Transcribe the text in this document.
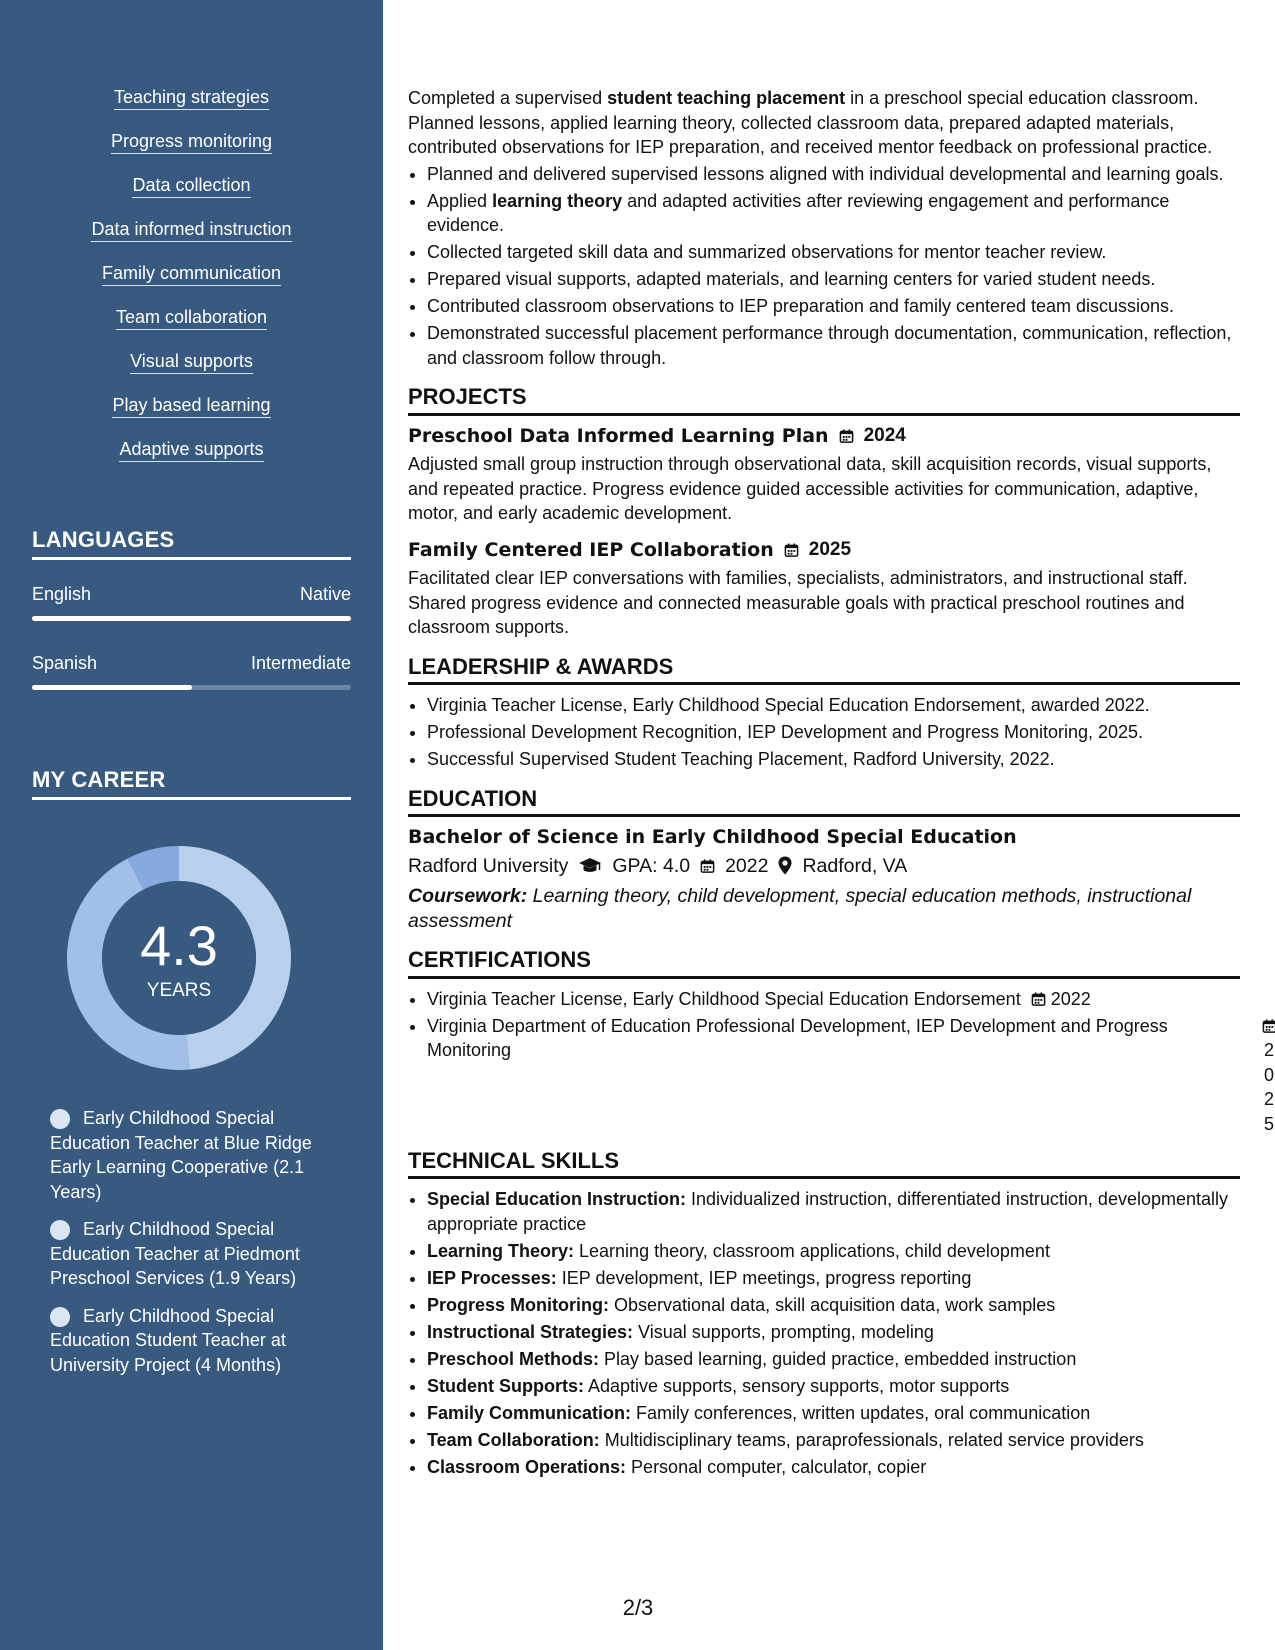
Teaching strategies
Progress monitoring
Data collection
Data informed instruction
Family communication
Team collaboration
Visual supports
Play based learning
Adaptive supports
LANGUAGES
English	Native
Spanish	Intermediate
MY CAREER
4.3
YEARS
Early Childhood Special Education Teacher at Blue Ridge Early Learning Cooperative (2.1 Years)
Early Childhood Special Education Teacher at Piedmont Preschool Services (1.9 Years)
Early Childhood Special Education Student Teacher at University Project (4 Months)

Completed a supervised student teaching placement in a preschool special education classroom. Planned lessons, applied learning theory, collected classroom data, prepared adapted materials, contributed observations for IEP preparation, and received mentor feedback on professional practice.

• Planned and delivered supervised lessons aligned with individual developmental and learning goals.
• Applied learning theory and adapted activities after reviewing engagement and performance evidence.
• Collected targeted skill data and summarized observations for mentor teacher review.
• Prepared visual supports, adapted materials, and learning centers for varied student needs.
• Contributed classroom observations to IEP preparation and family centered team discussions.
• Demonstrated successful placement performance through documentation, communication, reflection, and classroom follow through.
PROJECTS
Preschool Data Informed Learning Plan 2024

Adjusted small group instruction through observational data, skill acquisition records, visual supports, and repeated practice. Progress evidence guided accessible activities for communication, adaptive, motor, and early academic development.

Family Centered IEP Collaboration 2025

Facilitated clear IEP conversations with families, specialists, administrators, and instructional staff. Shared progress evidence and connected measurable goals with practical preschool routines and classroom supports.

LEADERSHIP & AWARDS
• Virginia Teacher License, Early Childhood Special Education Endorsement, awarded 2022.
• Professional Development Recognition, IEP Development and Progress Monitoring, 2025.
• Successful Supervised Student Teaching Placement, Radford University, 2022.
EDUCATION
Bachelor of Science in Early Childhood Special Education
Radford University GPA: 4.0 2022 Radford, VA
Coursework: Learning theory, child development, special education methods, instructional assessment
CERTIFICATIONS
• Virginia Teacher License, Early Childhood Special Education Endorsement 2022
• Virginia Department of Education Professional Development, IEP Development and Progress Monitoring	2025
TECHNICAL SKILLS
• Special Education Instruction: Individualized instruction, differentiated instruction, developmentally appropriate practice
• Learning Theory: Learning theory, classroom applications, child development
• IEP Processes: IEP development, IEP meetings, progress reporting
• Progress Monitoring: Observational data, skill acquisition data, work samples
• Instructional Strategies: Visual supports, prompting, modeling
• Preschool Methods: Play based learning, guided practice, embedded instruction
• Student Supports: Adaptive supports, sensory supports, motor supports
• Family Communication: Family conferences, written updates, oral communication
• Team Collaboration: Multidisciplinary teams, paraprofessionals, related service providers
• Classroom Operations: Personal computer, calculator, copier
2/3
